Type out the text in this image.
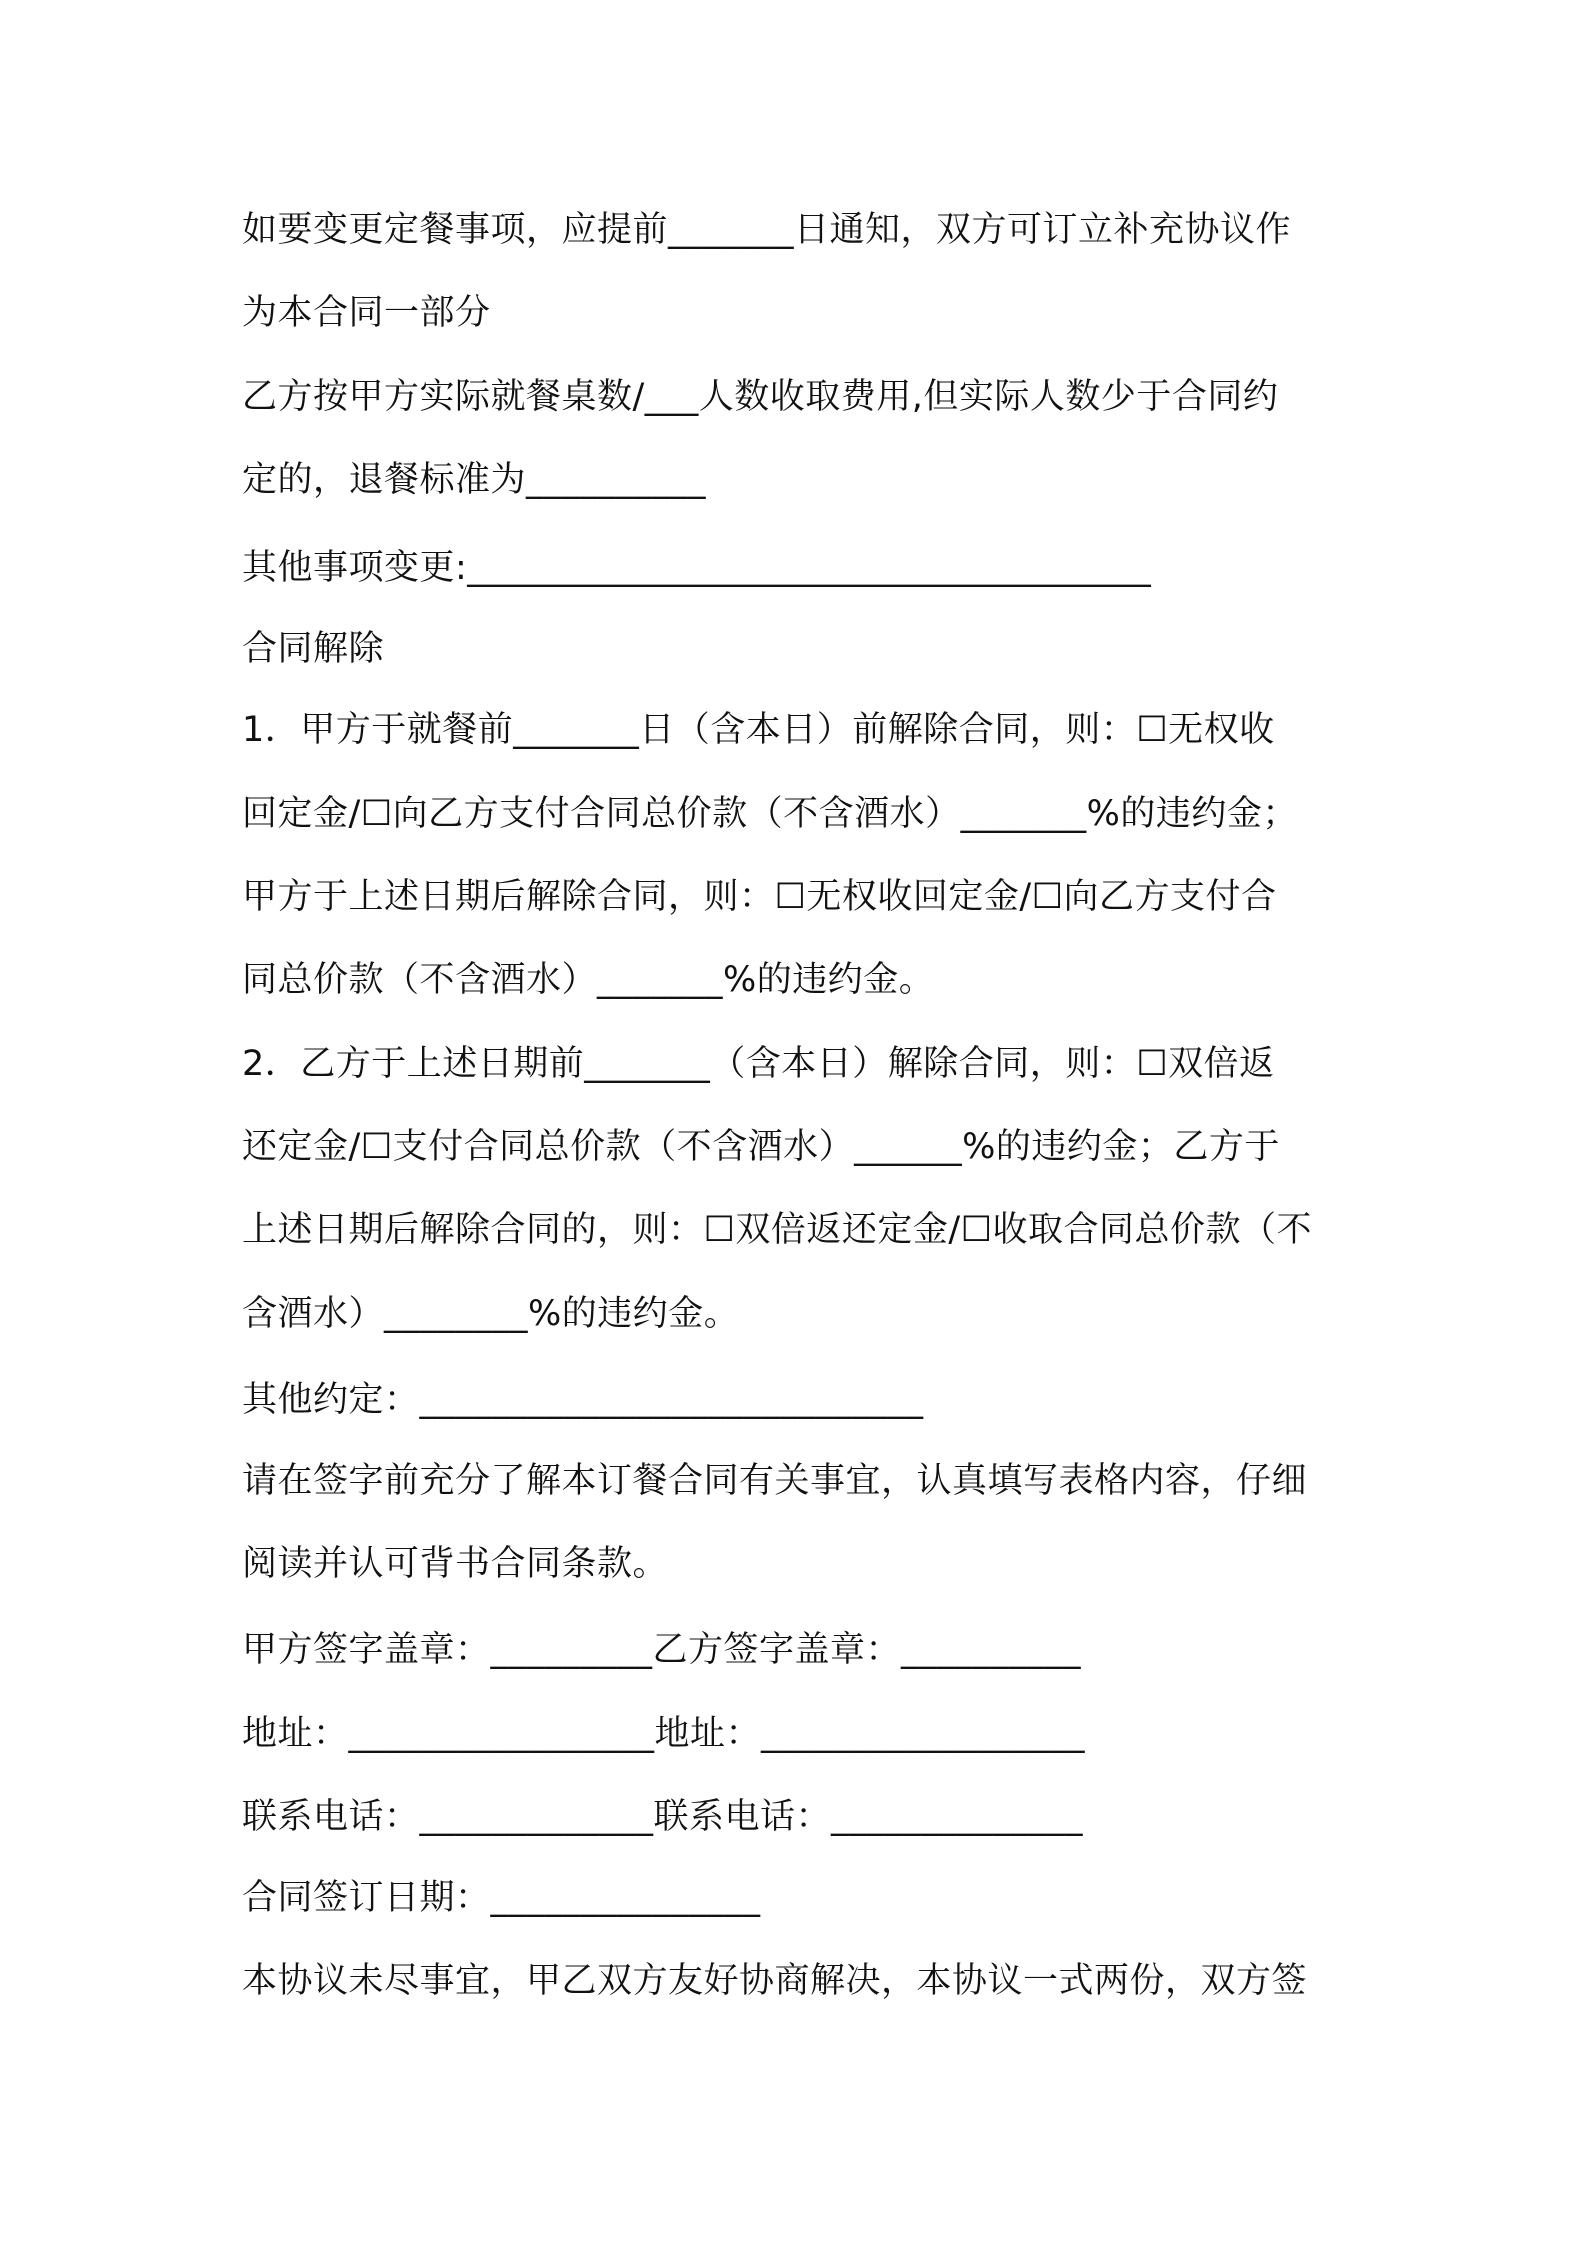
如要变更定餐事项，应提前_______日通知，双方可订立补充协议作
为本合同一部分
乙方按甲方实际就餐桌数/___人数收取费用,但实际人数少于合同约
定的，退餐标准为__________
其他事项变更:______________________________________
合同解除
1．甲方于就餐前_______日（含本日）前解除合同，则：☐无权收
回定金/☐向乙方支付合同总价款（不含酒水）_______%的违约金；
甲方于上述日期后解除合同，则：☐无权收回定金/☐向乙方支付合
同总价款（不含酒水）_______%的违约金。
2．乙方于上述日期前_______（含本日）解除合同，则：☐双倍返
还定金/☐支付合同总价款（不含酒水）______%的违约金；乙方于
上述日期后解除合同的，则：☐双倍返还定金/☐收取合同总价款（不
含酒水）________%的违约金。
其他约定：____________________________
请在签字前充分了解本订餐合同有关事宜，认真填写表格内容，仔细
阅读并认可背书合同条款。
甲方签字盖章：_________乙方签字盖章：__________
地址：_________________地址：__________________
联系电话：_____________联系电话：______________
合同签订日期：_______________
本协议未尽事宜，甲乙双方友好协商解决，本协议一式两份，双方签
